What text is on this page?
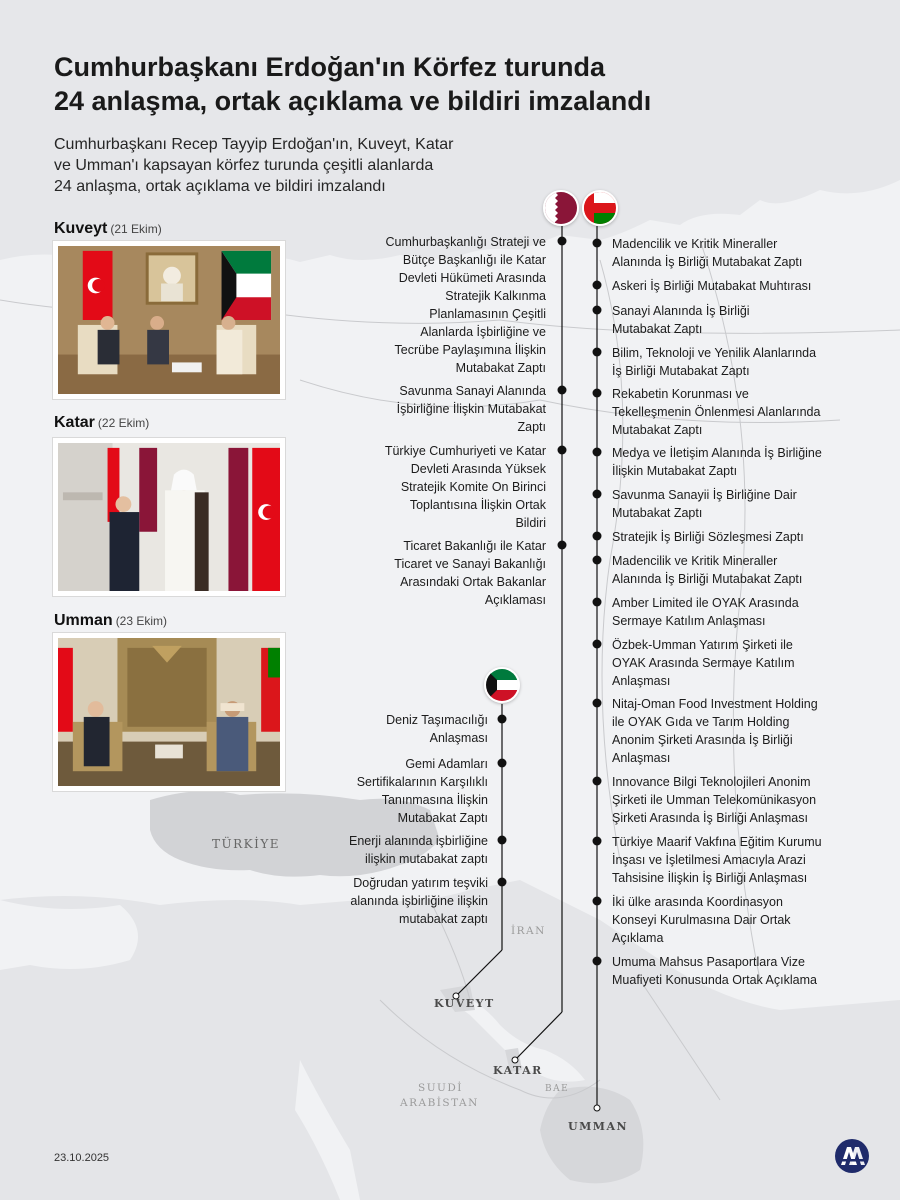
Cumhurbaşkanı Erdoğan'ın Körfez turunda
24 anlaşma, ortak açıklama ve bildiri imzalandı

Cumhurbaşkanı Recep Tayyip Erdoğan'ın, Kuveyt, Katar
ve Umman'ı kapsayan körfez turunda çeşitli alanlarda
24 anlaşma, ortak açıklama ve bildiri imzalandı

Kuveyt (21 Ekim)
Katar (22 Ekim)
Umman (23 Ekim)
Cumhurbaşkanlığı Strateji ve
Bütçe Başkanlığı ile Katar
Devleti Hükümeti Arasında
Stratejik Kalkınma
Planlamasının Çeşitli
Alanlarda İşbirliğine ve
Tecrübe Paylaşımına İlişkin
Mutabakat Zaptı
Savunma Sanayi Alanında
İşbirliğine İlişkin Mutabakat
Zaptı
Türkiye Cumhuriyeti ve Katar
Devleti Arasında Yüksek
Stratejik Komite On Birinci
Toplantısına İlişkin Ortak
Bildiri
Ticaret Bakanlığı ile Katar
Ticaret ve Sanayi Bakanlığı
Arasındaki Ortak Bakanlar
Açıklaması
Deniz Taşımacılığı
Anlaşması
Gemi Adamları
Sertifikalarının Karşılıklı
Tanınmasına İlişkin
Mutabakat Zaptı
Enerji alanında işbirliğine
ilişkin mutabakat zaptı
Doğrudan yatırım teşviki
alanında işbirliğine ilişkin
mutabakat zaptı
Madencilik ve Kritik Mineraller
Alanında İş Birliği Mutabakat Zaptı
Askeri İş Birliği Mutabakat Muhtırası
Sanayi Alanında İş Birliği
Mutabakat Zaptı
Bilim, Teknoloji ve Yenilik Alanlarında
İş Birliği Mutabakat Zaptı
Rekabetin Korunması ve
Tekelleşmenin Önlenmesi Alanlarında
Mutabakat Zaptı
Medya ve İletişim Alanında İş Birliğine
İlişkin Mutabakat Zaptı
Savunma Sanayii İş Birliğine Dair
Mutabakat Zaptı
Stratejik İş Birliği Sözleşmesi Zaptı
Madencilik ve Kritik Mineraller
Alanında İş Birliği Mutabakat Zaptı
Amber Limited ile OYAK Arasında
Sermaye Katılım Anlaşması
Özbek-Umman Yatırım Şirketi ile
OYAK Arasında Sermaye Katılım
Anlaşması
Nitaj-Oman Food Investment Holding
ile OYAK Gıda ve Tarım Holding
Anonim Şirketi Arasında İş Birliği
Anlaşması
Innovance Bilgi Teknolojileri Anonim
Şirketi ile Umman Telekomünikasyon
Şirketi Arasında İş Birliği Anlaşması
Türkiye Maarif Vakfına Eğitim Kurumu
İnşası ve İşletilmesi Amacıyla Arazi
Tahsisine İlişkin İş Birliği Anlaşması
İki ülke arasında Koordinasyon
Konseyi Kurulmasına Dair Ortak
Açıklama
Umuma Mahsus Pasaportlara Vize
Muafiyeti Konusunda Ortak Açıklama
TÜRKİYE
İRAN
KUVEYT
KATAR
SUUDİ
ARABİSTAN
BAE
UMMAN
23.10.2025
